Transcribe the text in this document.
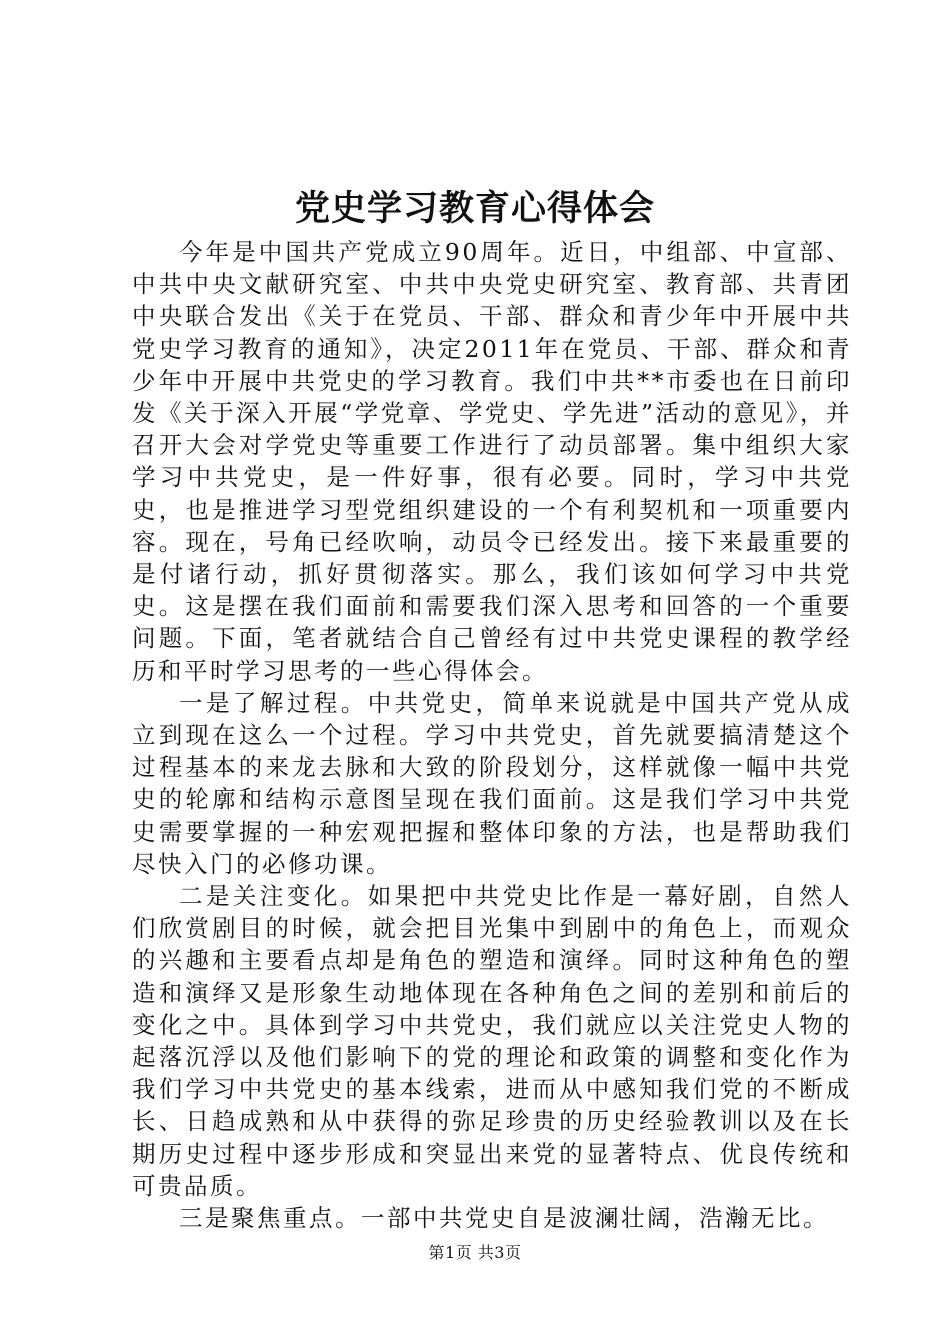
党史学习教育心得体会

今年是中国共产党成立90周年。近日，中组部、中宣部、中共中央文献研究室、中共中央党史研究室、教育部、共青团中央联合发出《关于在党员、干部、群众和青少年中开展中共党史学习教育的通知》，决定2011年在党员、干部、群众和青少年中开展中共党史的学习教育。我们中共**市委也在日前印发《关于深入开展“学党章、学党史、学先进”活动的意见》，并召开大会对学党史等重要工作进行了动员部署。集中组织大家学习中共党史，是一件好事，很有必要。同时，学习中共党史，也是推进学习型党组织建设的一个有利契机和一项重要内容。现在，号角已经吹响，动员令已经发出。接下来最重要的是付诸行动，抓好贯彻落实。那么，我们该如何学习中共党史。这是摆在我们面前和需要我们深入思考和回答的一个重要问题。下面，笔者就结合自己曾经有过中共党史课程的教学经历和平时学习思考的一些心得体会。

一是了解过程。中共党史，简单来说就是中国共产党从成立到现在这么一个过程。学习中共党史，首先就要搞清楚这个过程基本的来龙去脉和大致的阶段划分，这样就像一幅中共党史的轮廓和结构示意图呈现在我们面前。这是我们学习中共党史需要掌握的一种宏观把握和整体印象的方法，也是帮助我们尽快入门的必修功课。

二是关注变化。如果把中共党史比作是一幕好剧，自然人们欣赏剧目的时候，就会把目光集中到剧中的角色上，而观众的兴趣和主要看点却是角色的塑造和演绎。同时这种角色的塑造和演绎又是形象生动地体现在各种角色之间的差别和前后的变化之中。具体到学习中共党史，我们就应以关注党史人物的起落沉浮以及他们影响下的党的理论和政策的调整和变化作为我们学习中共党史的基本线索，进而从中感知我们党的不断成长、日趋成熟和从中获得的弥足珍贵的历史经验教训以及在长期历史过程中逐步形成和突显出来党的显著特点、优良传统和可贵品质。

三是聚焦重点。一部中共党史自是波澜壮阔，浩瀚无比。

第1页 共3页
